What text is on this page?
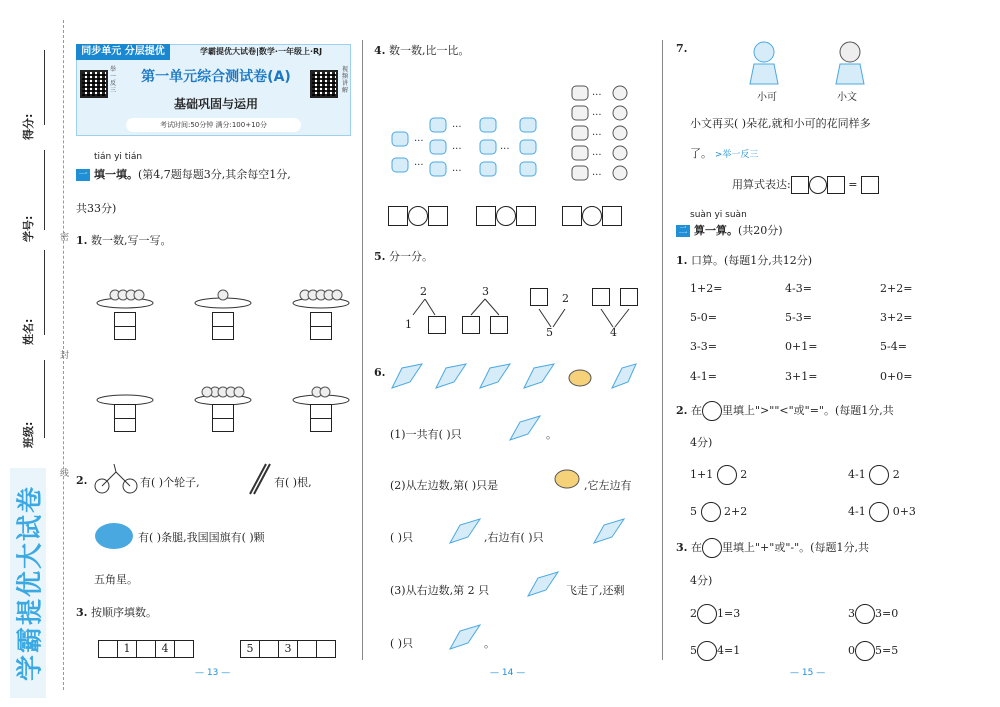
得分:
学号:
姓名:
班级:
学霸提优大试卷
密
封
线
同步单元 分层提优	学霸提优大试卷|数学·一年级上·RJ
举一反三
视频讲解
第一单元综合测试卷(A)
基础巩固与运用
考试时间:50分钟 满分:100+10分
tián yi tián
一 填一填。(第4,7题每题3分,其余每空1分,
共33分)
1. 数一数,写一写。
2.	有( )个轮子,	有( )根,
有( )条腿,我国国旗有( )颗
五角星。
3. 按顺序填数。
1	4	5	3
— 13 —
4. 数一数,比一比。
···
···
···
···
···
···
···
···
···
···
···
5. 分一分。
2
1
3
2
5	4
6.
(1)一共有( )只	。
(2)从左边数,第( )只是	,它左边有
( )只	,右边有( )只
(3)从右边数,第 2 只	飞走了,还剩
( )只	。
— 14 —
7.
小可	小文
小文再买( )朵花,就和小可的花同样多
了。 >举一反三
用算式表达:	=
suàn yi suàn
二 算一算。(共20分)
1. 口算。(每题1分,共12分)
1+2=	4-3=	2+2=
5-0=	5-3=	3+2=
3-3=	0+1=	5-4=
4-1=	3+1=	0+0=
2. 在 里填上">""<"或"="。(每题1分,共
4分)
1+1 2	4-1 2
5 2+2	4-1 0+3
3. 在 里填上"+"或"-"。(每题1分,共
4分)
2 1=3	3 3=0
5 4=1	0 5=5
— 15 —
